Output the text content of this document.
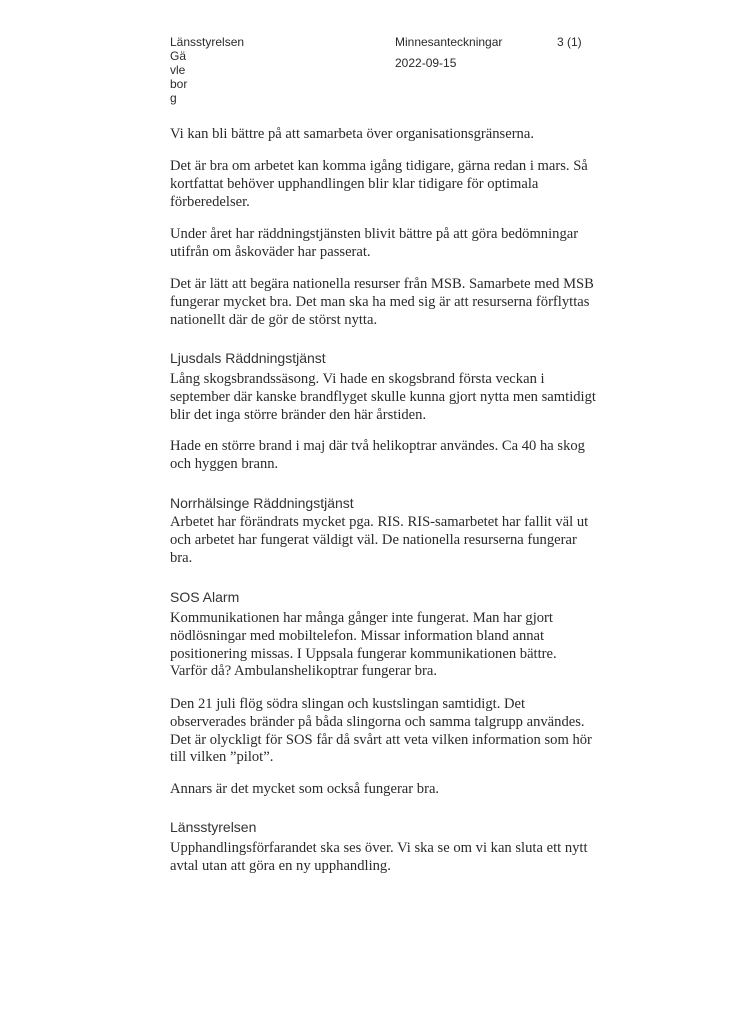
Länsstyrelsen
Gä
vle
bor
g
Minnesanteckningar
2022-09-15
3 (1)
Vi kan bli bättre på att samarbeta över organisationsgränserna.
Det är bra om arbetet kan komma igång tidigare, gärna redan i mars. Så
kortfattat behöver upphandlingen blir klar tidigare för optimala
förberedelser.
Under året har räddningstjänsten blivit bättre på att göra bedömningar
utifrån om åskoväder har passerat.
Det är lätt att begära nationella resurser från MSB. Samarbete med MSB
fungerar mycket bra. Det man ska ha med sig är att resurserna förflyttas
nationellt där de gör de störst nytta.
Ljusdals Räddningstjänst
Lång skogsbrandssäsong. Vi hade en skogsbrand första veckan i
september där kanske brandflyget skulle kunna gjort nytta men samtidigt
blir det inga större bränder den här årstiden.
Hade en större brand i maj där två helikoptrar användes. Ca 40 ha skog
och hyggen brann.
Norrhälsinge Räddningstjänst
Arbetet har förändrats mycket pga. RIS. RIS-samarbetet har fallit väl ut
och arbetet har fungerat väldigt väl. De nationella resurserna fungerar
bra.
SOS Alarm
Kommunikationen har många gånger inte fungerat. Man har gjort
nödlösningar med mobiltelefon. Missar information bland annat
positionering missas. I Uppsala fungerar kommunikationen bättre.
Varför då? Ambulanshelikoptrar fungerar bra.
Den 21 juli flög södra slingan och kustslingan samtidigt. Det
observerades bränder på båda slingorna och samma talgrupp användes.
Det är olyckligt för SOS får då svårt att veta vilken information som hör
till vilken ”pilot”.
Annars är det mycket som också fungerar bra.
Länsstyrelsen
Upphandlingsförfarandet ska ses över. Vi ska se om vi kan sluta ett nytt
avtal utan att göra en ny upphandling.
